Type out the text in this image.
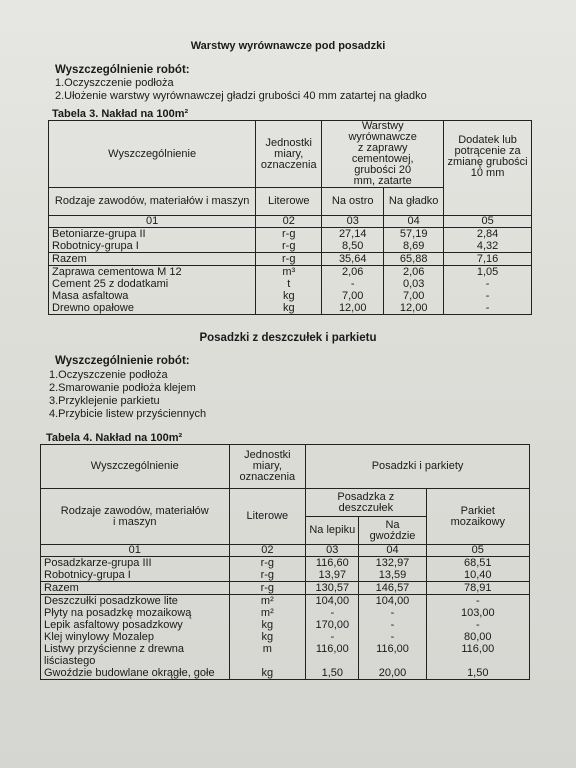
Warstwy wyrównawcze pod posadzki
Wyszczególnienie robót:
1.Oczyszczenie podłoża
2.Ułożenie warstwy wyrównawczej gładzi grubości 40 mm zatartej na gładko
Tabela 3. Nakład na 100m²
Wyszczególnienie	Jednostki miary, oznaczenia	Warstwy wyrównawcze z zaprawy cementowej, grubości 20 mm, zatarte		Dodatek lub potrącenie za zmianę grubości 10 mm
Rodzaje zawodów, materiałów i maszyn	Literowe	Na ostro	Na gładko	
01	02	03	04	05
Betoniarze-grupa II	r-g	27,14	57,19	2,84
Robotnicy-grupa I	r-g	8,50	8,69	4,32
Razem	r-g	35,64	65,88	7,16
Zaprawa cementowa M 12	m³	2,06	2,06	1,05
Cement 25 z dodatkami	t	-	0,03	-
Masa asfaltowa	kg	7,00	7,00	-
Drewno opałowe	kg	12,00	12,00	-
Posadzki z deszczułek i parkietu
Wyszczególnienie robót:
1.Oczyszczenie podłoża
2.Smarowanie podłoża klejem
3.Przyklejenie parkietu
4.Przybicie listew przyściennych
Tabela 4. Nakład na 100m²
Wyszczególnienie	Jednostki miary, oznaczenia	Posadzki i parkiety		
Rodzaje zawodów, materiałów i maszyn	Literowe	Posadzka z deszczułek		Parkiet mozaikowy
		Na lepiku	Na gwoździe	
01	02	03	04	05
Posadzkarze-grupa III	r-g	116,60	132,97	68,51
Robotnicy-grupa I	r-g	13,97	13,59	10,40
Razem	r-g	130,57	146,57	78,91
Deszczułki posadzkowe lite	m²	104,00	104,00	-
Płyty na posadzkę mozaikową	m²	-	-	103,00
Lepik asfaltowy posadzkowy	kg	170,00	-	-
Klej winylowy Mozalep	kg	-	-	80,00
Listwy przyścienne z drewna	m	116,00	116,00	116,00
liściastego				
Gwoździe budowlane okrągłe, gołe	kg	1,50	20,00	1,50
